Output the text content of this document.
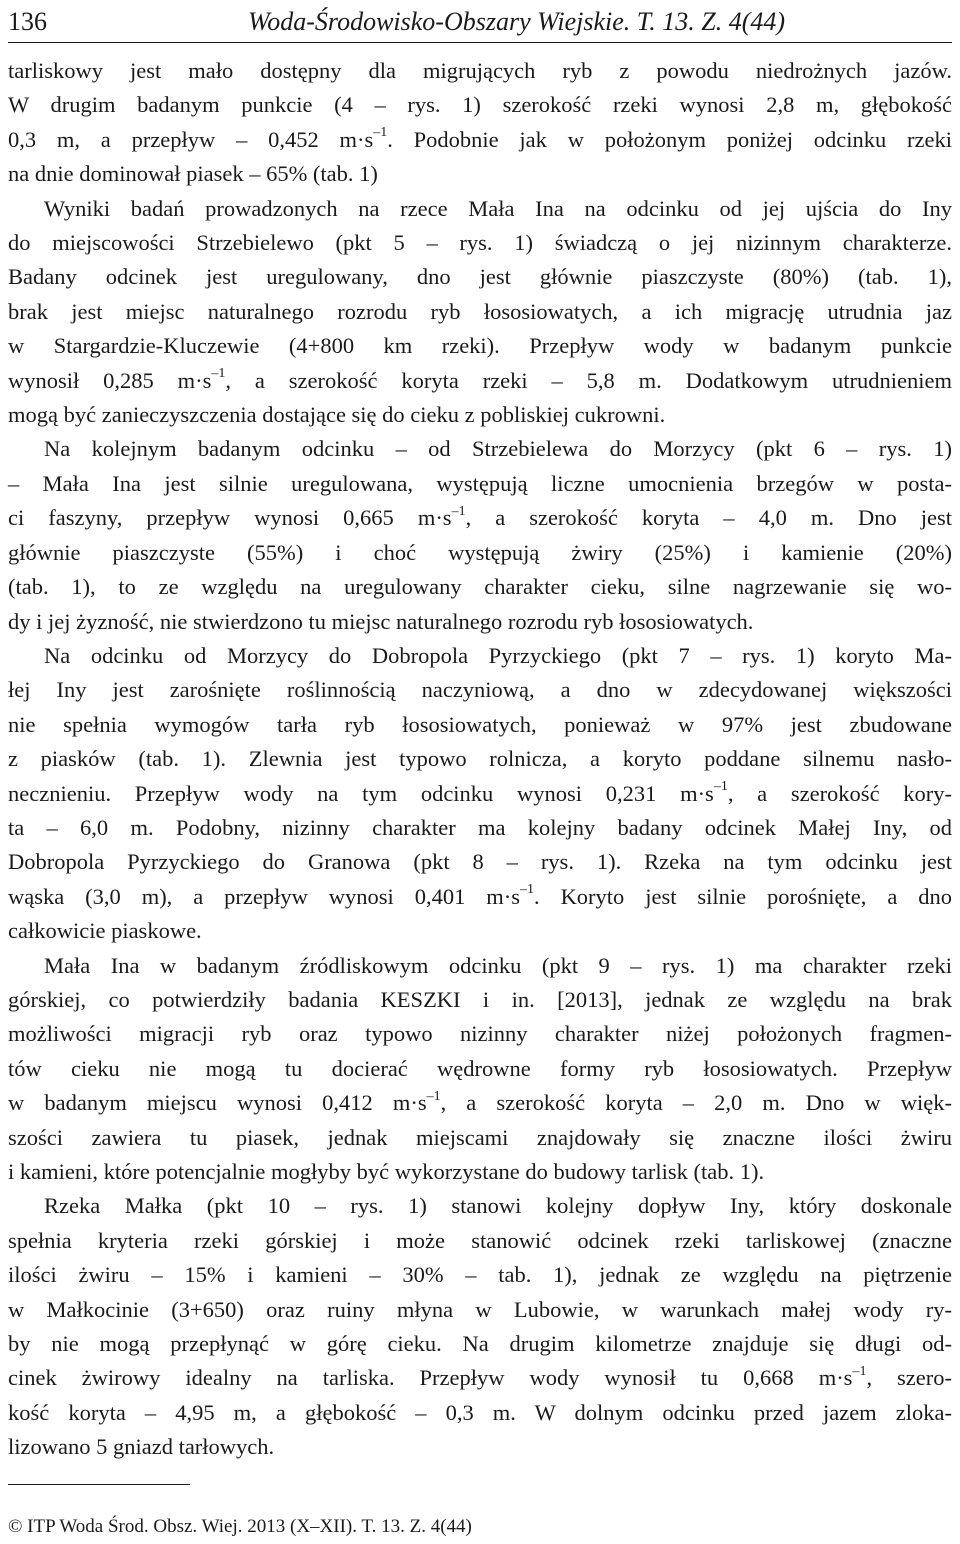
136	Woda-Środowisko-Obszary Wiejskie. T. 13. Z. 4(44)
tarliskowy jest mało dostępny dla migrujących ryb z powodu niedrożnych jazów.
W drugim badanym punkcie (4 – rys. 1) szerokość rzeki wynosi 2,8 m, głębokość
0,3 m, a przepływ – 0,452 $m\cdot s^{-1}$. Podobnie jak w położonym poniżej odcinku rzeki
na dnie dominował piasek – 65% (tab. 1)
Wyniki badań prowadzonych na rzece Mała Ina na odcinku od jej ujścia do Iny
do miejscowości Strzebielewo (pkt 5 – rys. 1) świadczą o jej nizinnym charakterze.
Badany odcinek jest uregulowany, dno jest głównie piaszczyste (80%) (tab. 1),
brak jest miejsc naturalnego rozrodu ryb łososiowatych, a ich migrację utrudnia jaz
w Stargardzie-Kluczewie (4+800 km rzeki). Przepływ wody w badanym punkcie
wynosił 0,285 $m\cdot s^{-1}$, a szerokość koryta rzeki – 5,8 m. Dodatkowym utrudnieniem
mogą być zanieczyszczenia dostające się do cieku z pobliskiej cukrowni.
Na kolejnym badanym odcinku – od Strzebielewa do Morzycy (pkt 6 – rys. 1)
– Mała Ina jest silnie uregulowana, występują liczne umocnienia brzegów w posta-
ci faszyny, przepływ wynosi 0,665 $m\cdot s^{-1}$, a szerokość koryta – 4,0 m. Dno jest
głównie piaszczyste (55%) i choć występują żwiry (25%) i kamienie (20%)
(tab. 1), to ze względu na uregulowany charakter cieku, silne nagrzewanie się wo-
dy i jej żyzność, nie stwierdzono tu miejsc naturalnego rozrodu ryb łososiowatych.
Na odcinku od Morzycy do Dobropola Pyrzyckiego (pkt 7 – rys. 1) koryto Ma-
łej Iny jest zarośnięte roślinnością naczyniową, a dno w zdecydowanej większości
nie spełnia wymogów tarła ryb łososiowatych, ponieważ w 97% jest zbudowane
z piasków (tab. 1). Zlewnia jest typowo rolnicza, a koryto poddane silnemu nasło-
necznieniu. Przepływ wody na tym odcinku wynosi 0,231 $m\cdot s^{-1}$, a szerokość kory-
ta – 6,0 m. Podobny, nizinny charakter ma kolejny badany odcinek Małej Iny, od
Dobropola Pyrzyckiego do Granowa (pkt 8 – rys. 1). Rzeka na tym odcinku jest
wąska (3,0 m), a przepływ wynosi 0,401 $m\cdot s^{-1}$. Koryto jest silnie porośnięte, a dno
całkowicie piaskowe.
Mała Ina w badanym źródliskowym odcinku (pkt 9 – rys. 1) ma charakter rzeki
górskiej, co potwierdziły badania KESZKI i in. [2013], jednak ze względu na brak
możliwości migracji ryb oraz typowo nizinny charakter niżej położonych fragmen-
tów cieku nie mogą tu docierać wędrowne formy ryb łososiowatych. Przepływ
w badanym miejscu wynosi 0,412 $m\cdot s^{-1}$, a szerokość koryta – 2,0 m. Dno w więk-
szości zawiera tu piasek, jednak miejscami znajdowały się znaczne ilości żwiru
i kamieni, które potencjalnie mogłyby być wykorzystane do budowy tarlisk (tab. 1).
Rzeka Małka (pkt 10 – rys. 1) stanowi kolejny dopływ Iny, który doskonale
spełnia kryteria rzeki górskiej i może stanowić odcinek rzeki tarliskowej (znaczne
ilości żwiru – 15% i kamieni – 30% – tab. 1), jednak ze względu na piętrzenie
w Małkocinie (3+650) oraz ruiny młyna w Lubowie, w warunkach małej wody ry-
by nie mogą przepłynąć w górę cieku. Na drugim kilometrze znajduje się długi od-
cinek żwirowy idealny na tarliska. Przepływ wody wynosił tu 0,668 $m\cdot s^{-1}$, szero-
kość koryta – 4,95 m, a głębokość – 0,3 m. W dolnym odcinku przed jazem zloka-
lizowano 5 gniazd tarłowych.
© ITP Woda Środ. Obsz. Wiej. 2013 (X–XII). T. 13. Z. 4(44)
